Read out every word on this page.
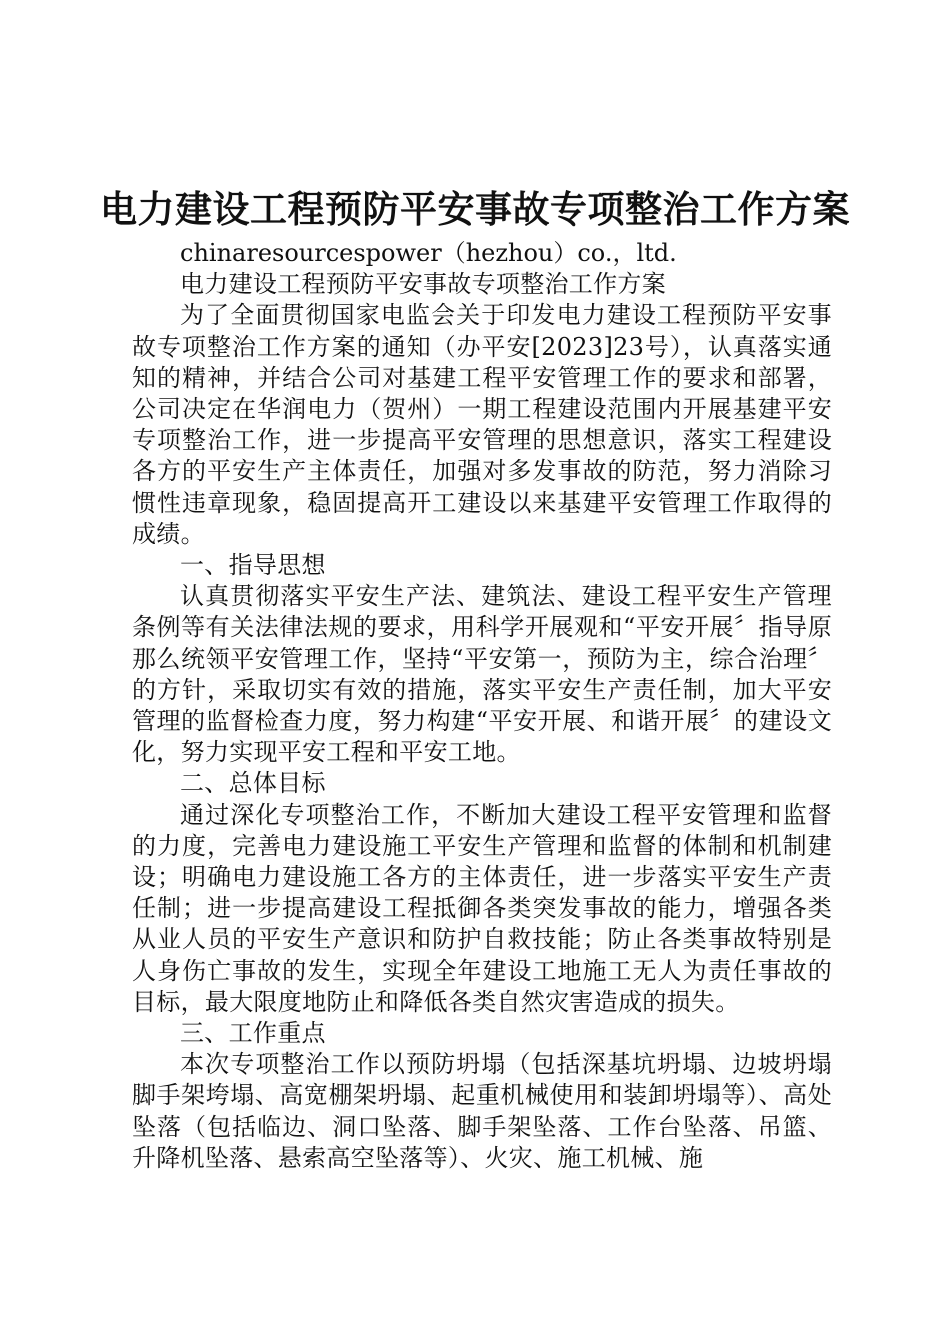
电力建设工程预防平安事故专项整治工作方案

chinaresourcespower（hezhou）co.，ltd.

电力建设工程预防平安事故专项整治工作方案

为了全面贯彻国家电监会关于印发电力建设工程预防平安事故专项整治工作方案的通知（办平安[2023]23号），认真落实通知的精神，并结合公司对基建工程平安管理工作的要求和部署，公司决定在华润电力（贺州）一期工程建设范围内开展基建平安专项整治工作，进一步提高平安管理的思想意识，落实工程建设各方的平安生产主体责任，加强对多发事故的防范，努力消除习惯性违章现象，稳固提高开工建设以来基建平安管理工作取得的成绩。

一、指导思想

认真贯彻落实平安生产法、建筑法、建设工程平安生产管理条例等有关法律法规的要求，用科学开展观和“平安开展〞指导原那么统领平安管理工作，坚持“平安第一，预防为主，综合治理〞的方针，采取切实有效的措施，落实平安生产责任制，加大平安管理的监督检查力度，努力构建“平安开展、和谐开展〞的建设文化，努力实现平安工程和平安工地。

二、总体目标

通过深化专项整治工作，不断加大建设工程平安管理和监督的力度，完善电力建设施工平安生产管理和监督的体制和机制建设；明确电力建设施工各方的主体责任，进一步落实平安生产责任制；进一步提高建设工程抵御各类突发事故的能力，增强各类从业人员的平安生产意识和防护自救技能；防止各类事故特别是人身伤亡事故的发生，实现全年建设工地施工无人为责任事故的目标，最大限度地防止和降低各类自然灾害造成的损失。

三、工作重点

本次专项整治工作以预防坍塌（包括深基坑坍塌、边坡坍塌脚手架垮塌、高宽棚架坍塌、起重机械使用和装卸坍塌等）、高处坠落（包括临边、洞口坠落、脚手架坠落、工作台坠落、吊篮、升降机坠落、悬索高空坠落等）、火灾、施工机械、施
